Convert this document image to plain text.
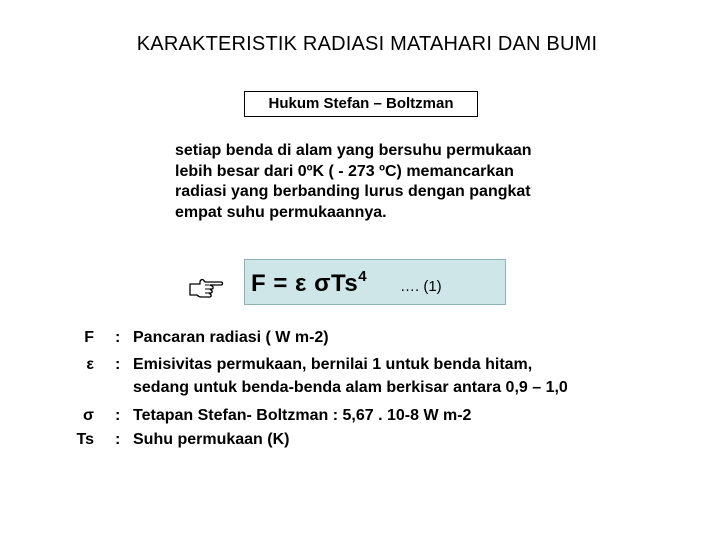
KARAKTERISTIK RADIASI MATAHARI DAN BUMI
Hukum Stefan – Boltzman
setiap benda di alam yang bersuhu permukaan
lebih besar dari 0ºK ( - 273 ºC) memancarkan
radiasi yang berbanding lurus dengan pangkat
empat suhu permukaannya.
F = ε σTs$^4$
…. (1)
F : Pancaran radiasi ( W m-2)
ε : Emisivitas permukaan, bernilai 1 untuk benda hitam,
sedang untuk benda-benda alam berkisar antara 0,9 – 1,0
σ : Tetapan Stefan- Boltzman : 5,67 . 10-8 W m-2
Ts : Suhu permukaan (K)
